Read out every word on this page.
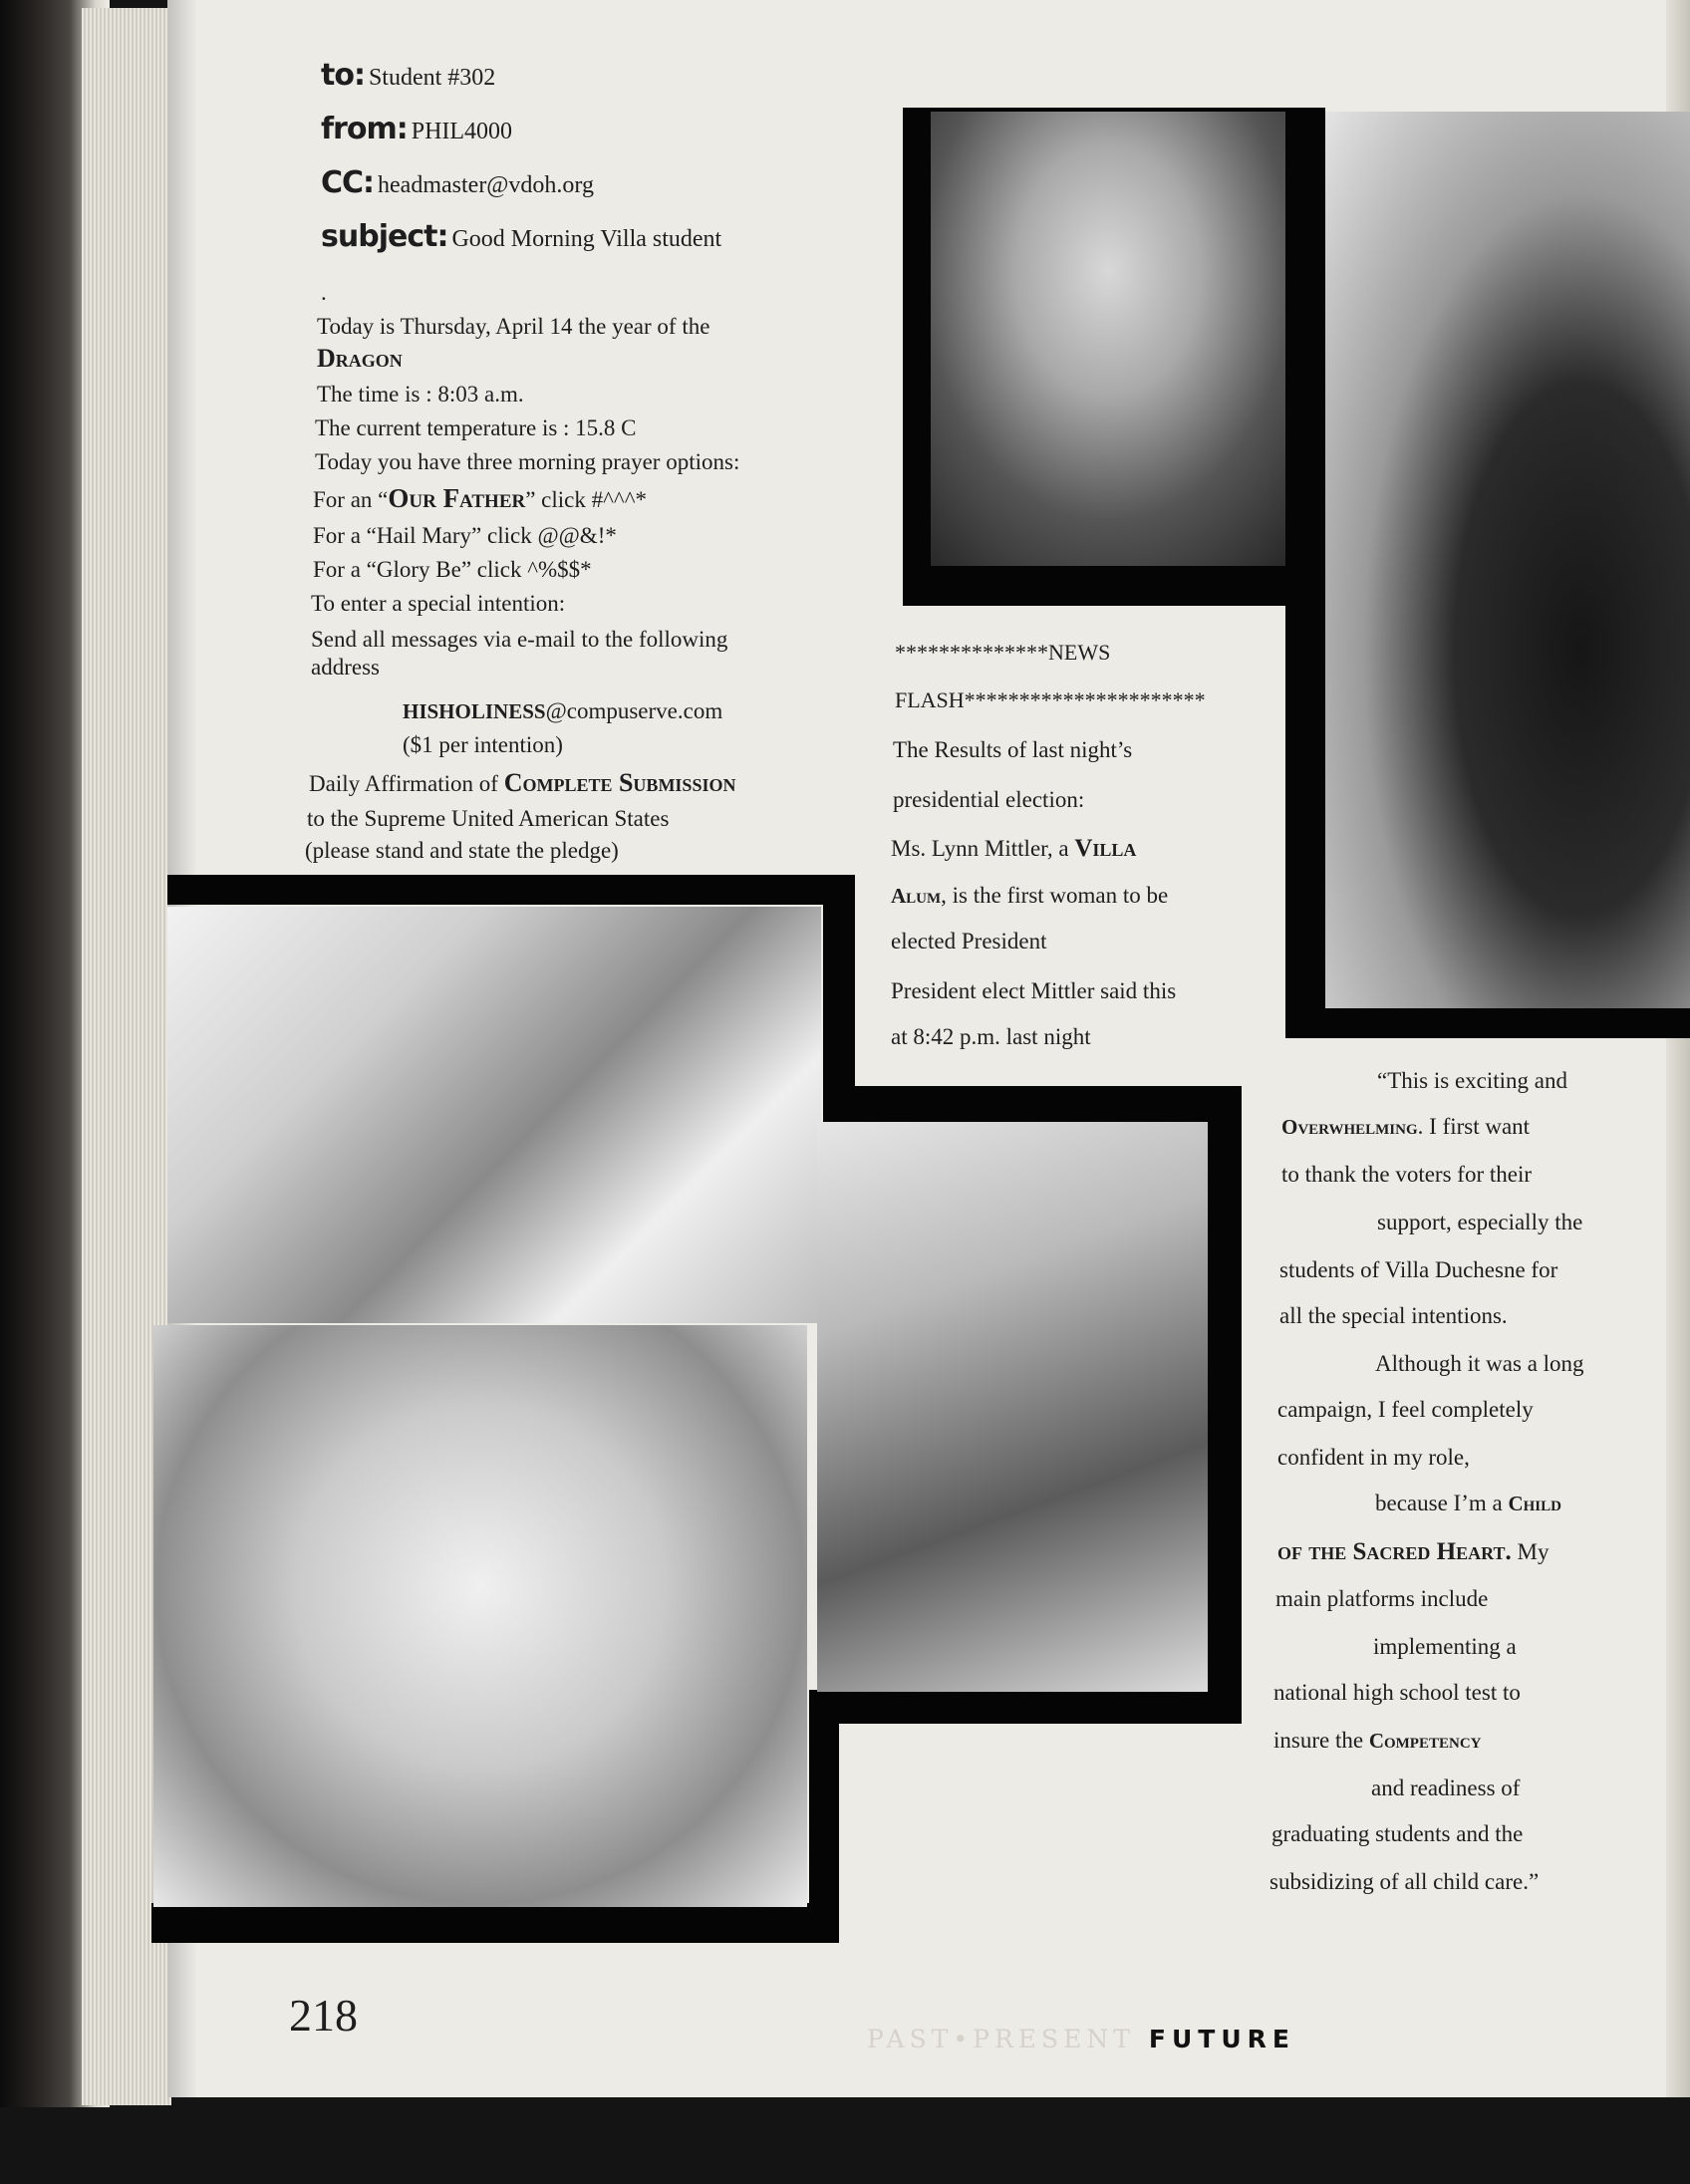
to: Student #302
from: PHIL4000
CC: headmaster@vdoh.org
subject: Good Morning Villa student
.
Today is Thursday, April 14 the year of the
Dragon
The time is : 8:03 a.m.
The current temperature is : 15.8 C
Today you have three morning prayer options:
For an “Our Father” click #^^^*
For a “Hail Mary” click @@&!*
For a “Glory Be” click ^%$$*
To enter a special intention:
Send all messages via e-mail to the following
address
HISHOLINESS@compuserve.com
($1 per intention)
Daily Affirmation of Complete Submission
to the Supreme United American States
(please stand and state the pledge)
**************NEWS
FLASH**********************
The Results of last night’s
presidential election:
Ms. Lynn Mittler, a Villa
Alum, is the first woman to be
elected President
President elect Mittler said this
at 8:42 p.m. last night
“This is exciting and
Overwhelming. I first want
to thank the voters for their
support, especially the
students of Villa Duchesne for
all the special intentions.
Although it was a long
campaign, I feel completely
confident in my role,
because I’m a Child
of the Sacred Heart. My
main platforms include
implementing a
national high school test to
insure the Competency
and readiness of
graduating students and the
subsidizing of all child care.”
218	PAST•PRESENT FUTURE
